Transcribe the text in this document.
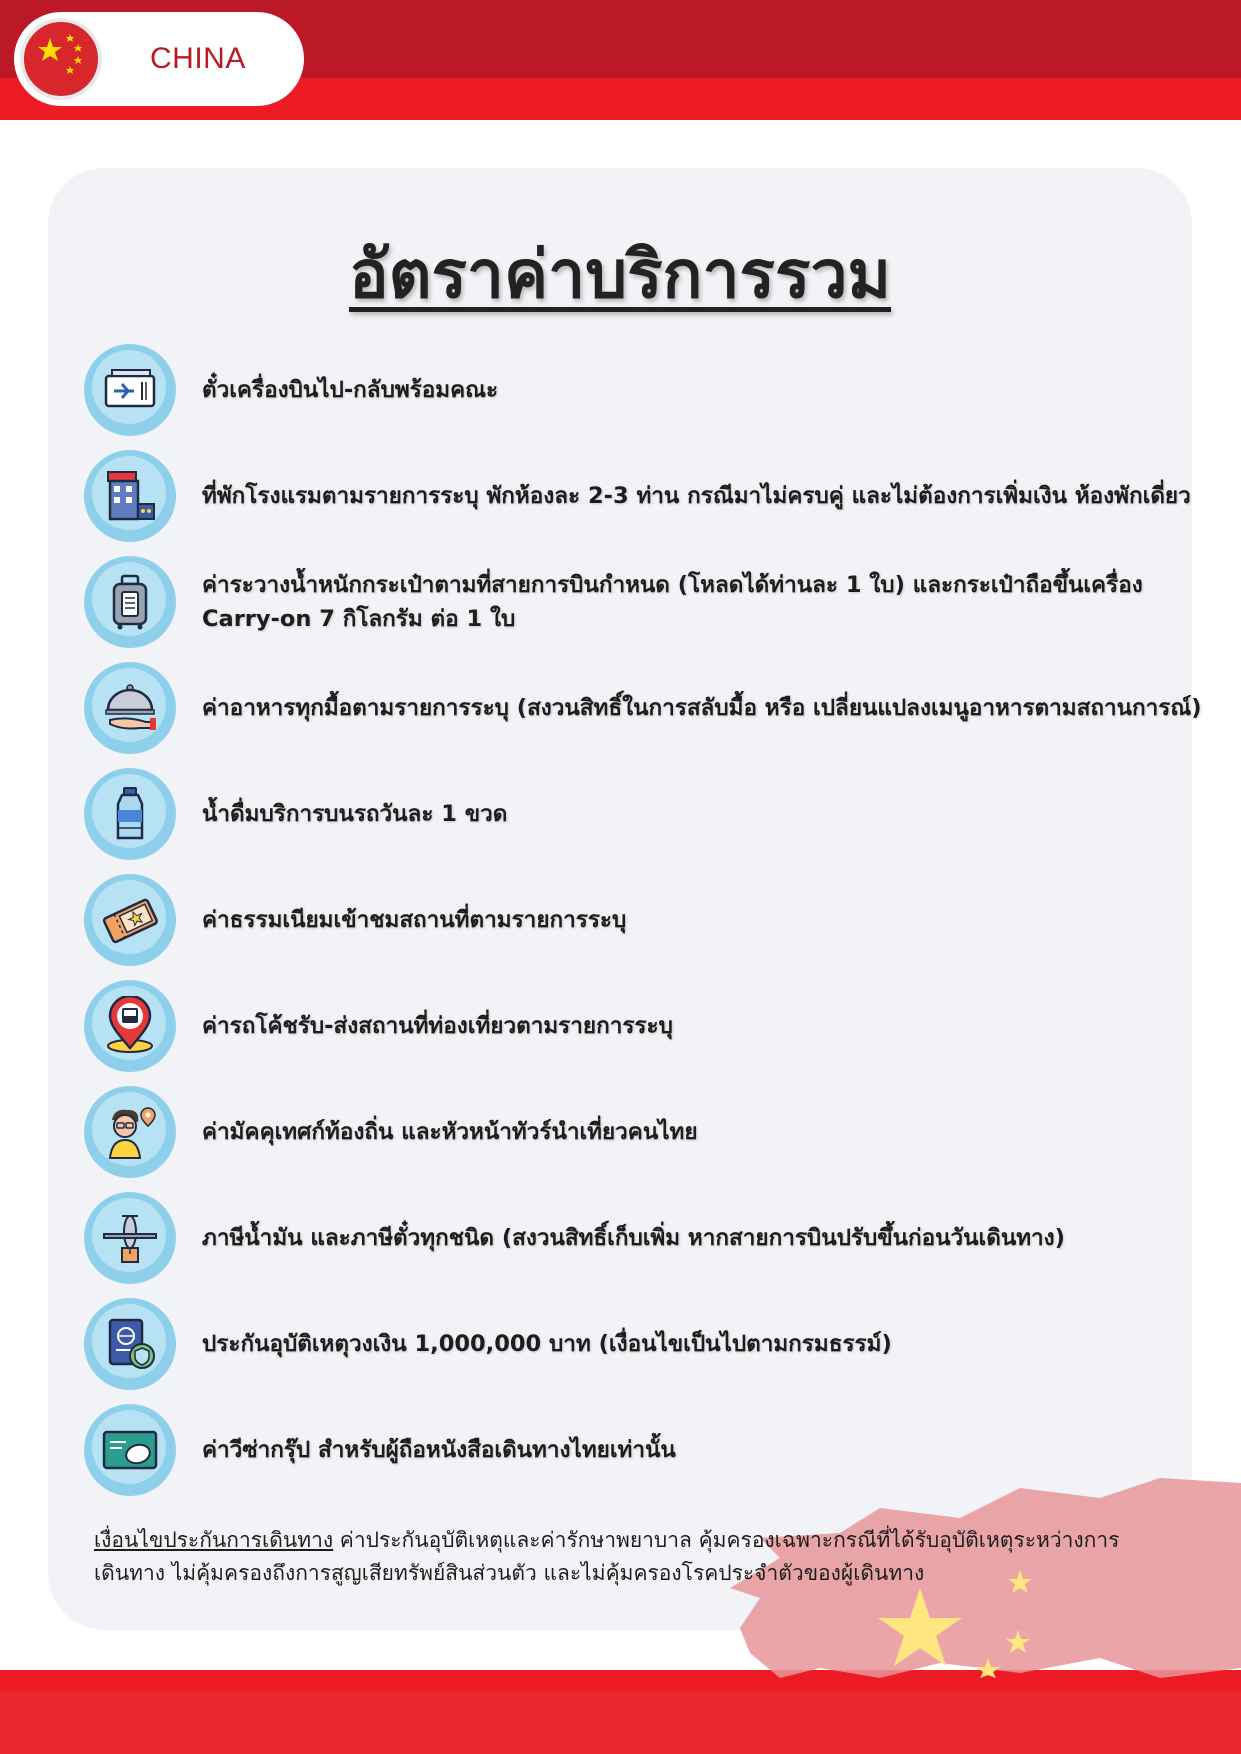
CHINA
อัตราค่าบริการรวม
ตั๋วเครื่องบินไป-กลับพร้อมคณะ
ที่พักโรงแรมตามรายการระบุ พักห้องละ 2-3 ท่าน กรณีมาไม่ครบคู่ และไม่ต้องการเพิ่มเงิน ห้องพักเดี่ยว
ค่าระวางน้ำหนักกระเป๋าตามที่สายการบินกำหนด (โหลดได้ท่านละ 1 ใบ) และกระเป๋าถือขึ้นเครื่อง Carry-on 7 กิโลกรัม ต่อ 1 ใบ
ค่าอาหารทุกมื้อตามรายการระบุ (สงวนสิทธิ์ในการสลับมื้อ หรือ เปลี่ยนแปลงเมนูอาหารตามสถานการณ์)
น้ำดื่มบริการบนรถวันละ 1 ขวด
ค่าธรรมเนียมเข้าชมสถานที่ตามรายการระบุ
ค่ารถโค้ชรับ-ส่งสถานที่ท่องเที่ยวตามรายการระบุ
ค่ามัคคุเทศก์ท้องถิ่น และหัวหน้าทัวร์นำเที่ยวคนไทย
ภาษีน้ำมัน และภาษีตั๋วทุกชนิด (สงวนสิทธิ์เก็บเพิ่ม หากสายการบินปรับขึ้นก่อนวันเดินทาง)
ประกันอุบัติเหตุวงเงิน 1,000,000 บาท (เงื่อนไขเป็นไปตามกรมธรรม์)
ค่าวีซ่ากรุ๊ป สำหรับผู้ถือหนังสือเดินทางไทยเท่านั้น
เงื่อนไขประกันการเดินทาง ค่าประกันอุบัติเหตุและค่ารักษาพยาบาล คุ้มครองเฉพาะกรณีที่ได้รับอุบัติเหตุระหว่างการเดินทาง ไม่คุ้มครองถึงการสูญเสียทรัพย์สินส่วนตัว และไม่คุ้มครองโรคประจำตัวของผู้เดินทาง
